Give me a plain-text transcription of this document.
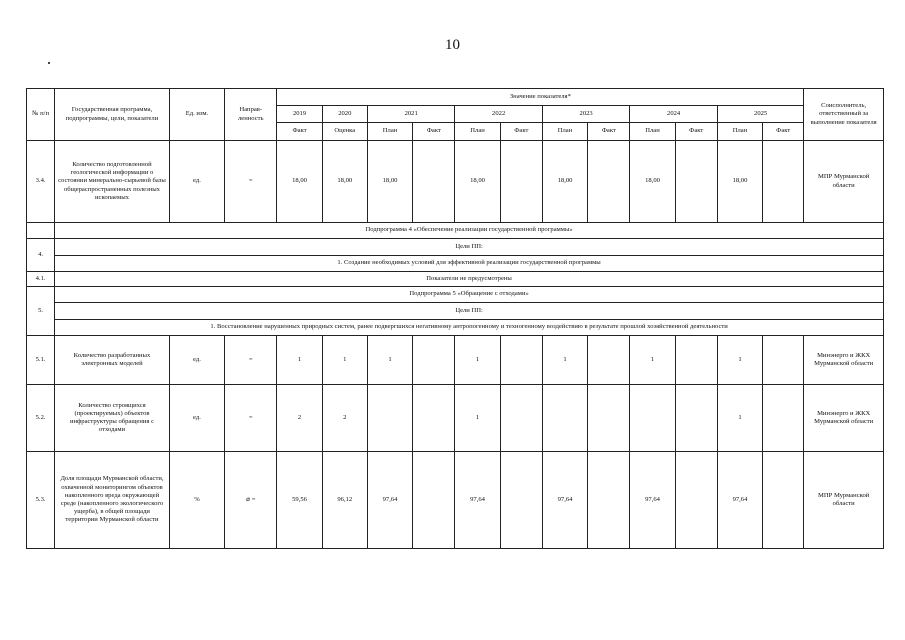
10
№ п/п	Государственная программа, подпрограммы, цели, показатели	Ед. изм.	Направ-ленность	Значение показателя*												Соисполнитель, ответственный за выполнение показателя
				2019	2020	2021		2022		2023		2024		2025		
				Факт	Оценка	План	Факт	План	Факт	План	Факт	План	Факт	План	Факт	
3.4.	Количество подготовленной геологической информации о состоянии минерально-сырьевой базы общераспространенных полезных ископаемых	ед.	=	18,00	18,00	18,00		18,00		18,00		18,00		18,00		МПР Мурманской области
	Подпрограмма 4 «Обеспечение реализации государственной программы»															
4.	Цели ПП:															
	1. Создание необходимых условий для эффективной реализации государственной программы															
4.1.	Показатели не предусмотрены															
5.	Подпрограмма 5 «Обращение с отходами»															
	Цели ПП:															
	1. Восстановление нарушенных природных систем, ранее подвергшихся негативному антропогенному и техногенному воздействию в результате прошлой хозяйственной деятельности															
5.1.	Количество разработанных электронных моделей	ед.	=	1	1	1		1		1		1		1		Минэнерго и ЖКХ Мурманской области
5.2.	Количество строящихся (проектируемых) объектов инфраструктуры обращения с отходами	ед.	=	2	2			1						1		Минэнерго и ЖКХ Мурманской области
5.3.	Доля площади Мурманской области, охваченной мониторингом объектов накопленного вреда окружающей среде (накопленного экологического ущерба), в общей площади территории Мурманской области	%	⌀ =	59,56	96,12	97,64		97,64		97,64		97,64		97,64		МПР Мурманской области
